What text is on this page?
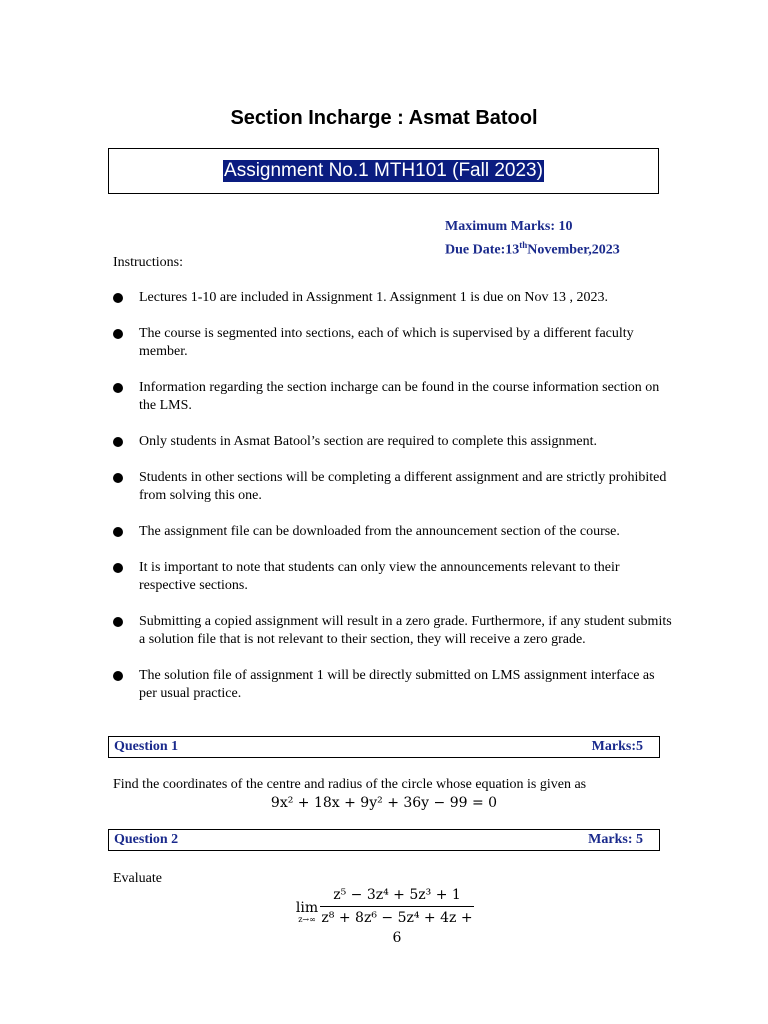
Section Incharge : Asmat Batool
Assignment No.1 MTH101 (Fall 2023)
Maximum Marks: 10
Due Date:13thNovember,2023
Instructions:
Lectures 1-10 are included in Assignment 1. Assignment 1 is due on Nov 13 , 2023.
The course is segmented into sections, each of which is supervised by a different faculty member.
Information regarding the section incharge can be found in the course information section on the LMS.
Only students in Asmat Batool’s section are required to complete this assignment.
Students in other sections will be completing a different assignment and are strictly prohibited from solving this one.
The assignment file can be downloaded from the announcement section of the course.
It is important to note that students can only view the announcements relevant to their respective sections.
Submitting a copied assignment will result in a zero grade. Furthermore, if any student submits a solution file that is not relevant to their section, they will receive a zero grade.
The solution file of assignment 1 will be directly submitted on LMS assignment interface as per usual practice.
Question 1	Marks:5
Find the coordinates of the centre and radius of the circle whose equation is given as
9x² + 18x + 9y² + 36y − 99 = 0
Question 2	Marks: 5
Evaluate
lim
z→∞
z⁵ − 3z⁴ + 5z³ + 1
z⁸ + 8z⁶ − 5z⁴ + 4z + 6
